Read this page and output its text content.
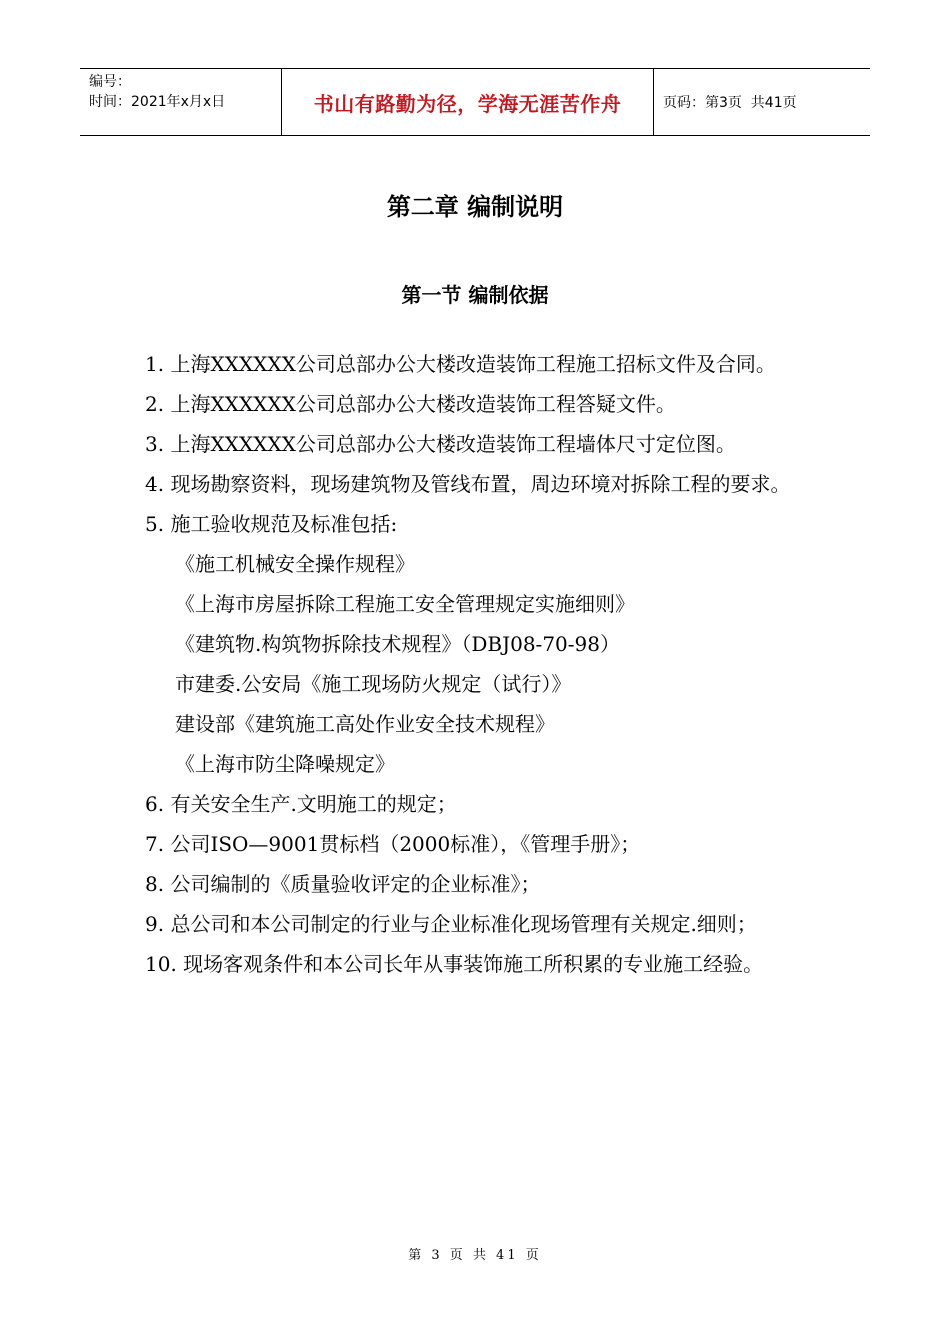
编号：
时间：2021年x月x日	书山有路勤为径，学海无涯苦作舟	页码：第3页  共41页
第二章 编制说明
第一节 编制依据

1. 上海XXXXXX公司总部办公大楼改造装饰工程施工招标文件及合同。

2. 上海XXXXXX公司总部办公大楼改造装饰工程答疑文件。

3. 上海XXXXXX公司总部办公大楼改造装饰工程墙体尺寸定位图。

4. 现场勘察资料，现场建筑物及管线布置，周边环境对拆除工程的要求。

5. 施工验收规范及标准包括:

《施工机械安全操作规程》

《上海市房屋拆除工程施工安全管理规定实施细则》

《建筑物.构筑物拆除技术规程》（DBJ08-70-98）

市建委.公安局《施工现场防火规定（试行）》

建设部《建筑施工高处作业安全技术规程》

《上海市防尘降噪规定》

6. 有关安全生产.文明施工的规定；

7. 公司ISO—9001贯标档（2000标准），《管理手册》；

8. 公司编制的《质量验收评定的企业标准》；

9. 总公司和本公司制定的行业与企业标准化现场管理有关规定.细则；

10. 现场客观条件和本公司长年从事装饰施工所积累的专业施工经验。

第 3 页 共 41 页
